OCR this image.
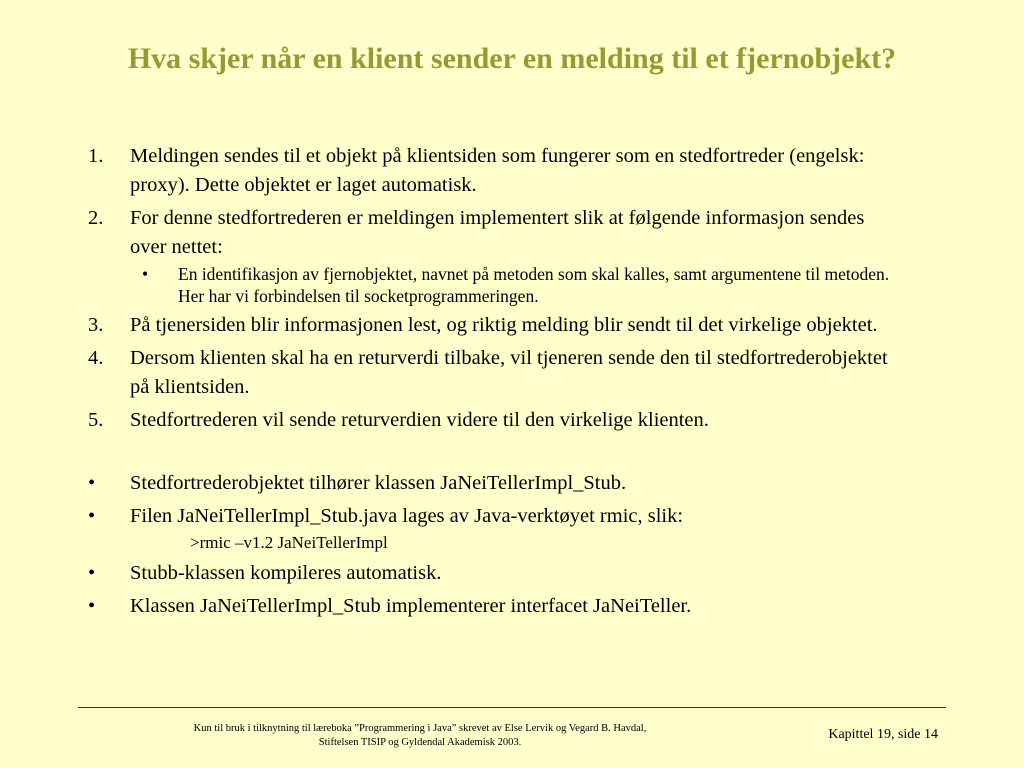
Hva skjer når en klient sender en melding til et fjernobjekt?
1. Meldingen sendes til et objekt på klientsiden som fungerer som en stedfortreder (engelsk: proxy). Dette objektet er laget automatisk.
2. For denne stedfortrederen er meldingen implementert slik at følgende informasjon sendes over nettet:
• En identifikasjon av fjernobjektet, navnet på metoden som skal kalles, samt argumentene til metoden. Her har vi forbindelsen til socketprogrammeringen.
3. På tjenersiden blir informasjonen lest, og riktig melding blir sendt til det virkelige objektet.
4. Dersom klienten skal ha en returverdi tilbake, vil tjeneren sende den til stedfortrederobjektet på klientsiden.
5. Stedfortrederen vil sende returverdien videre til den virkelige klienten.
• Stedfortrederobjektet tilhører klassen JaNeiTellerImpl_Stub.
• Filen JaNeiTellerImpl_Stub.java lages av Java-verktøyet rmic, slik:
>rmic –v1.2 JaNeiTellerImpl
• Stubb-klassen kompileres automatisk.
• Klassen JaNeiTellerImpl_Stub implementerer interfacet JaNeiTeller.
Kun til bruk i tilknytning til læreboka ”Programmering i Java” skrevet av Else Lervik og Vegard B. Havdal,
Stiftelsen TISIP og Gyldendal Akademisk 2003.
Kapittel 19, side 14
